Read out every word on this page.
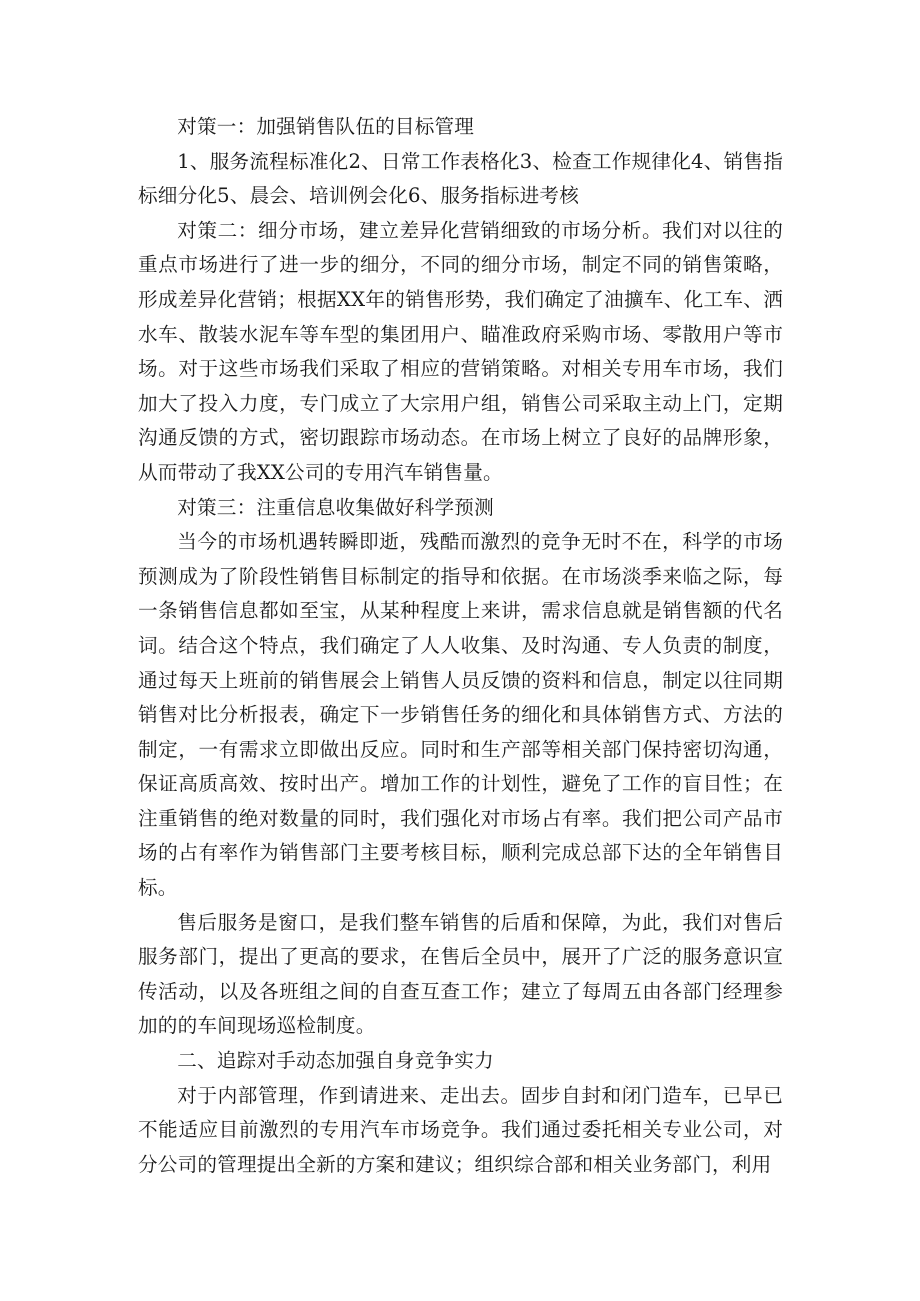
对策一：加强销售队伍的目标管理

1、服务流程标准化2、日常工作表格化3、检查工作规律化4、销售指标细分化5、晨会、培训例会化6、服务指标进考核

对策二：细分市场，建立差异化营销细致的市场分析。我们对以往的重点市场进行了进一步的细分，不同的细分市场，制定不同的销售策略，形成差异化营销；根据XX年的销售形势，我们确定了油擴车、化工车、洒水车、散装水泥车等车型的集团用户、瞄准政府采购市场、零散用户等市场。对于这些市场我们采取了相应的营销策略。对相关专用车市场，我们加大了投入力度，专门成立了大宗用户组，销售公司采取主动上门，定期沟通反馈的方式，密切跟踪市场动态。在市场上树立了良好的品牌形象，从而带动了我XX公司的专用汽车销售量。

对策三：注重信息收集做好科学预测

当今的市场机遇转瞬即逝，残酷而激烈的竞争无时不在，科学的市场预测成为了阶段性销售目标制定的指导和依据。在市场淡季来临之际，每一条销售信息都如至宝，从某种程度上来讲，需求信息就是销售额的代名词。结合这个特点，我们确定了人人收集、及时沟通、专人负责的制度，通过每天上班前的销售展会上销售人员反馈的资料和信息，制定以往同期销售对比分析报表，确定下一步销售任务的细化和具体销售方式、方法的制定，一有需求立即做出反应。同时和生产部等相关部门保持密切沟通，保证高质高效、按时出产。增加工作的计划性，避免了工作的盲目性；在注重销售的绝对数量的同时，我们强化对市场占有率。我们把公司产品市场的占有率作为销售部门主要考核目标，顺利完成总部下达的全年销售目标。

售后服务是窗口，是我们整车销售的后盾和保障，为此，我们对售后服务部门，提出了更高的要求，在售后全员中，展开了广泛的服务意识宣传活动，以及各班组之间的自查互查工作；建立了每周五由各部门经理参加的的车间现场巡检制度。

二、追踪对手动态加强自身竞争实力

对于内部管理，作到请进来、走出去。固步自封和闭门造车，已早已不能适应目前激烈的专用汽车市场竞争。我们通过委托相关专业公司，对分公司的管理提出全新的方案和建议；组织综合部和相关业务部门，利用
